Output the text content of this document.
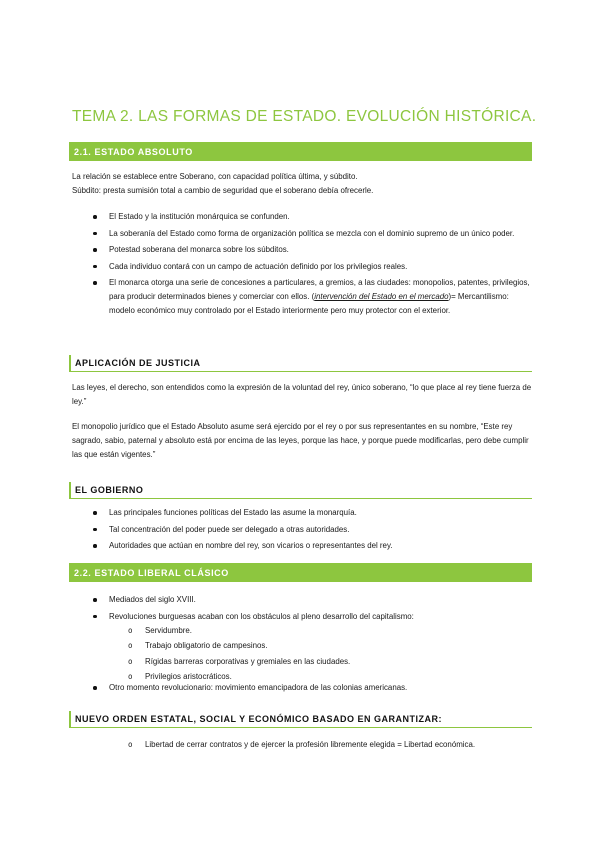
TEMA 2. LAS FORMAS DE ESTADO. EVOLUCIÓN HISTÓRICA.
2.1. ESTADO ABSOLUTO
La relación se establece entre Soberano, con capacidad política última, y súbdito.
Súbdito: presta sumisión total a cambio de seguridad que el soberano debía ofrecerle.
El Estado y la institución monárquica se confunden.
La soberanía del Estado como forma de organización política se mezcla con el dominio supremo de un único poder.
Potestad soberana del monarca sobre los súbditos.
Cada individuo contará con un campo de actuación definido por los privilegios reales.
El monarca otorga una serie de concesiones a particulares, a gremios, a las ciudades: monopolios, patentes, privilegios, para producir determinados bienes y comerciar con ellos. (intervención del Estado en el mercado)= Mercantilismo: modelo económico muy controlado por el Estado interiormente pero muy protector con el exterior.
APLICACIÓN DE JUSTICIA
Las leyes, el derecho, son entendidos como la expresión de la voluntad del rey, único soberano, “lo que place al rey tiene fuerza de ley.”
El monopolio jurídico que el Estado Absoluto asume será ejercido por el rey o por sus representantes en su nombre, “Este rey sagrado, sabio, paternal y absoluto está por encima de las leyes, porque las hace, y porque puede modificarlas, pero debe cumplir las que están vigentes.”
EL GOBIERNO
Las principales funciones políticas del Estado las asume la monarquía.
Tal concentración del poder puede ser delegado a otras autoridades.
Autoridades que actúan en nombre del rey, son vicarios o representantes del rey.
2.2. ESTADO LIBERAL CLÁSICO
Mediados del siglo XVIII.
Revoluciones burguesas acaban con los obstáculos al pleno desarrollo del capitalismo:
o Servidumbre.
o Trabajo obligatorio de campesinos.
o Rígidas barreras corporativas y gremiales en las ciudades.
o Privilegios aristocráticos.
Otro momento revolucionario: movimiento emancipadora de las colonias americanas.
NUEVO ORDEN ESTATAL, SOCIAL Y ECONÓMICO BASADO EN GARANTIZAR:
o Libertad de cerrar contratos y de ejercer la profesión libremente elegida = Libertad económica.
